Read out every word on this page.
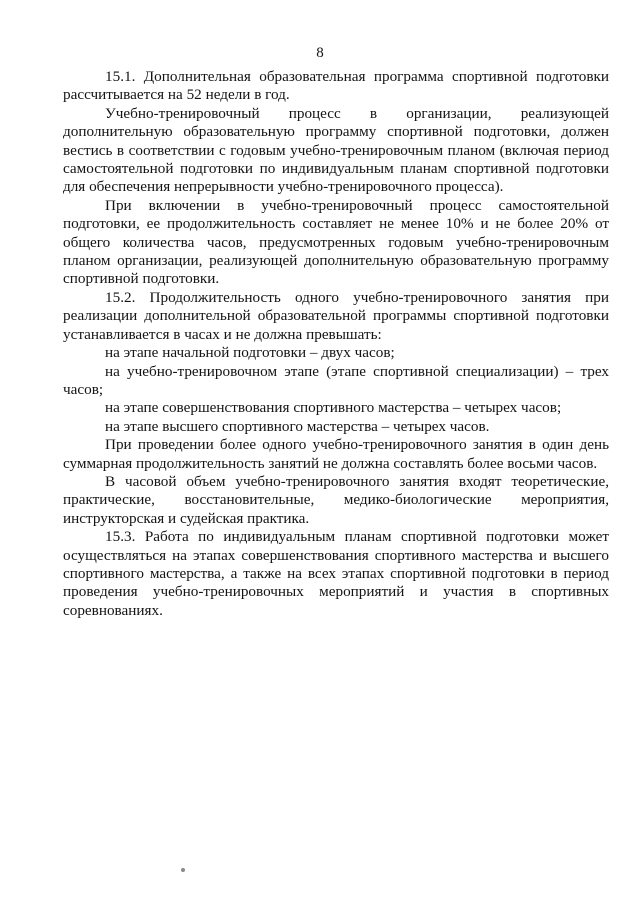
8

15.1. Дополнительная образовательная программа спортивной подготовки рассчитывается на 52 недели в год.

Учебно-тренировочный процесс в организации, реализующей дополнительную образовательную программу спортивной подготовки, должен вестись в соответствии с годовым учебно-тренировочным планом (включая период самостоятельной подготовки по индивидуальным планам спортивной подготовки для обеспечения непрерывности учебно-тренировочного процесса).

При включении в учебно-тренировочный процесс самостоятельной подготовки, ее продолжительность составляет не менее 10% и не более 20% от общего количества часов, предусмотренных годовым учебно-тренировочным планом организации, реализующей дополнительную образовательную программу спортивной подготовки.

15.2. Продолжительность одного учебно-тренировочного занятия при реализации дополнительной образовательной программы спортивной подготовки устанавливается в часах и не должна превышать:

на этапе начальной подготовки – двух часов;

на учебно-тренировочном этапе (этапе спортивной специализации) – трех часов;

на этапе совершенствования спортивного мастерства – четырех часов;

на этапе высшего спортивного мастерства – четырех часов.

При проведении более одного учебно-тренировочного занятия в один день суммарная продолжительность занятий не должна составлять более восьми часов.

В часовой объем учебно-тренировочного занятия входят теоретические, практические, восстановительные, медико-биологические мероприятия, инструкторская и судейская практика.

15.3. Работа по индивидуальным планам спортивной подготовки может осуществляться на этапах совершенствования спортивного мастерства и высшего спортивного мастерства, а также на всех этапах спортивной подготовки в период проведения учебно-тренировочных мероприятий и участия в спортивных соревнованиях.
